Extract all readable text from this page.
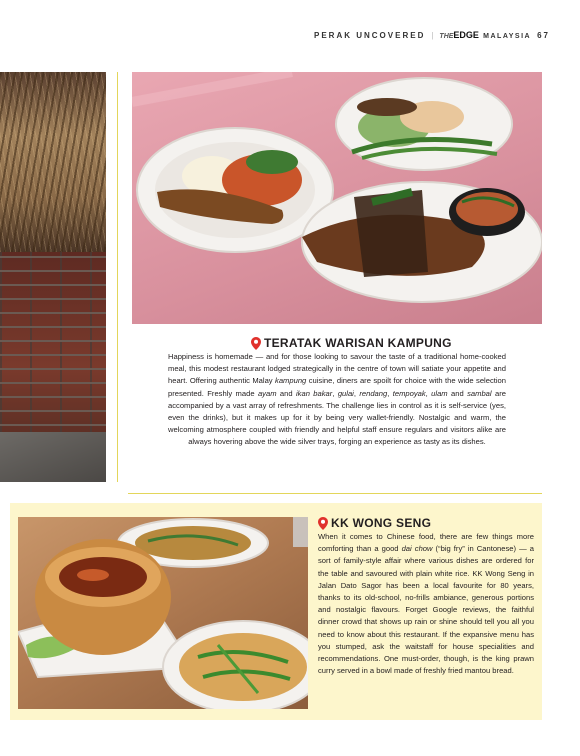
PERAK UNCOVERED | THEEDGE MALAYSIA 67
TERATAK WARISAN KAMPUNG

Happiness is homemade — and for those looking to savour the taste of a traditional home-cooked meal, this modest restaurant lodged strategically in the centre of town will satiate your appetite and heart. Offering authentic Malay kampung cuisine, diners are spoilt for choice with the wide selection presented. Freshly made ayam and ikan bakar, gulai, rendang, tempoyak, ulam and sambal are accompanied by a vast array of refreshments. The challenge lies in control as it is self-service (yes, even the drinks), but it makes up for it by being very wallet-friendly. Nostalgic and warm, the welcoming atmosphere coupled with friendly and helpful staff ensure regulars and visitors alike are always hovering above the wide silver trays, forging an experience as tasty as its dishes.

KK WONG SENG

When it comes to Chinese food, there are few things more comforting than a good dai chow (“big fry” in Cantonese) — a sort of family-style affair where various dishes are ordered for the table and savoured with plain white rice. KK Wong Seng in Jalan Dato Sagor has been a local favourite for 80 years, thanks to its old-school, no-frills ambiance, generous portions and nostalgic flavours. Forget Google reviews, the faithful dinner crowd that shows up rain or shine should tell you all you need to know about this restaurant. If the expansive menu has you stumped, ask the waitstaff for house specialities and recommendations. One must-order, though, is the king prawn curry served in a bowl made of freshly fried mantou bread.
